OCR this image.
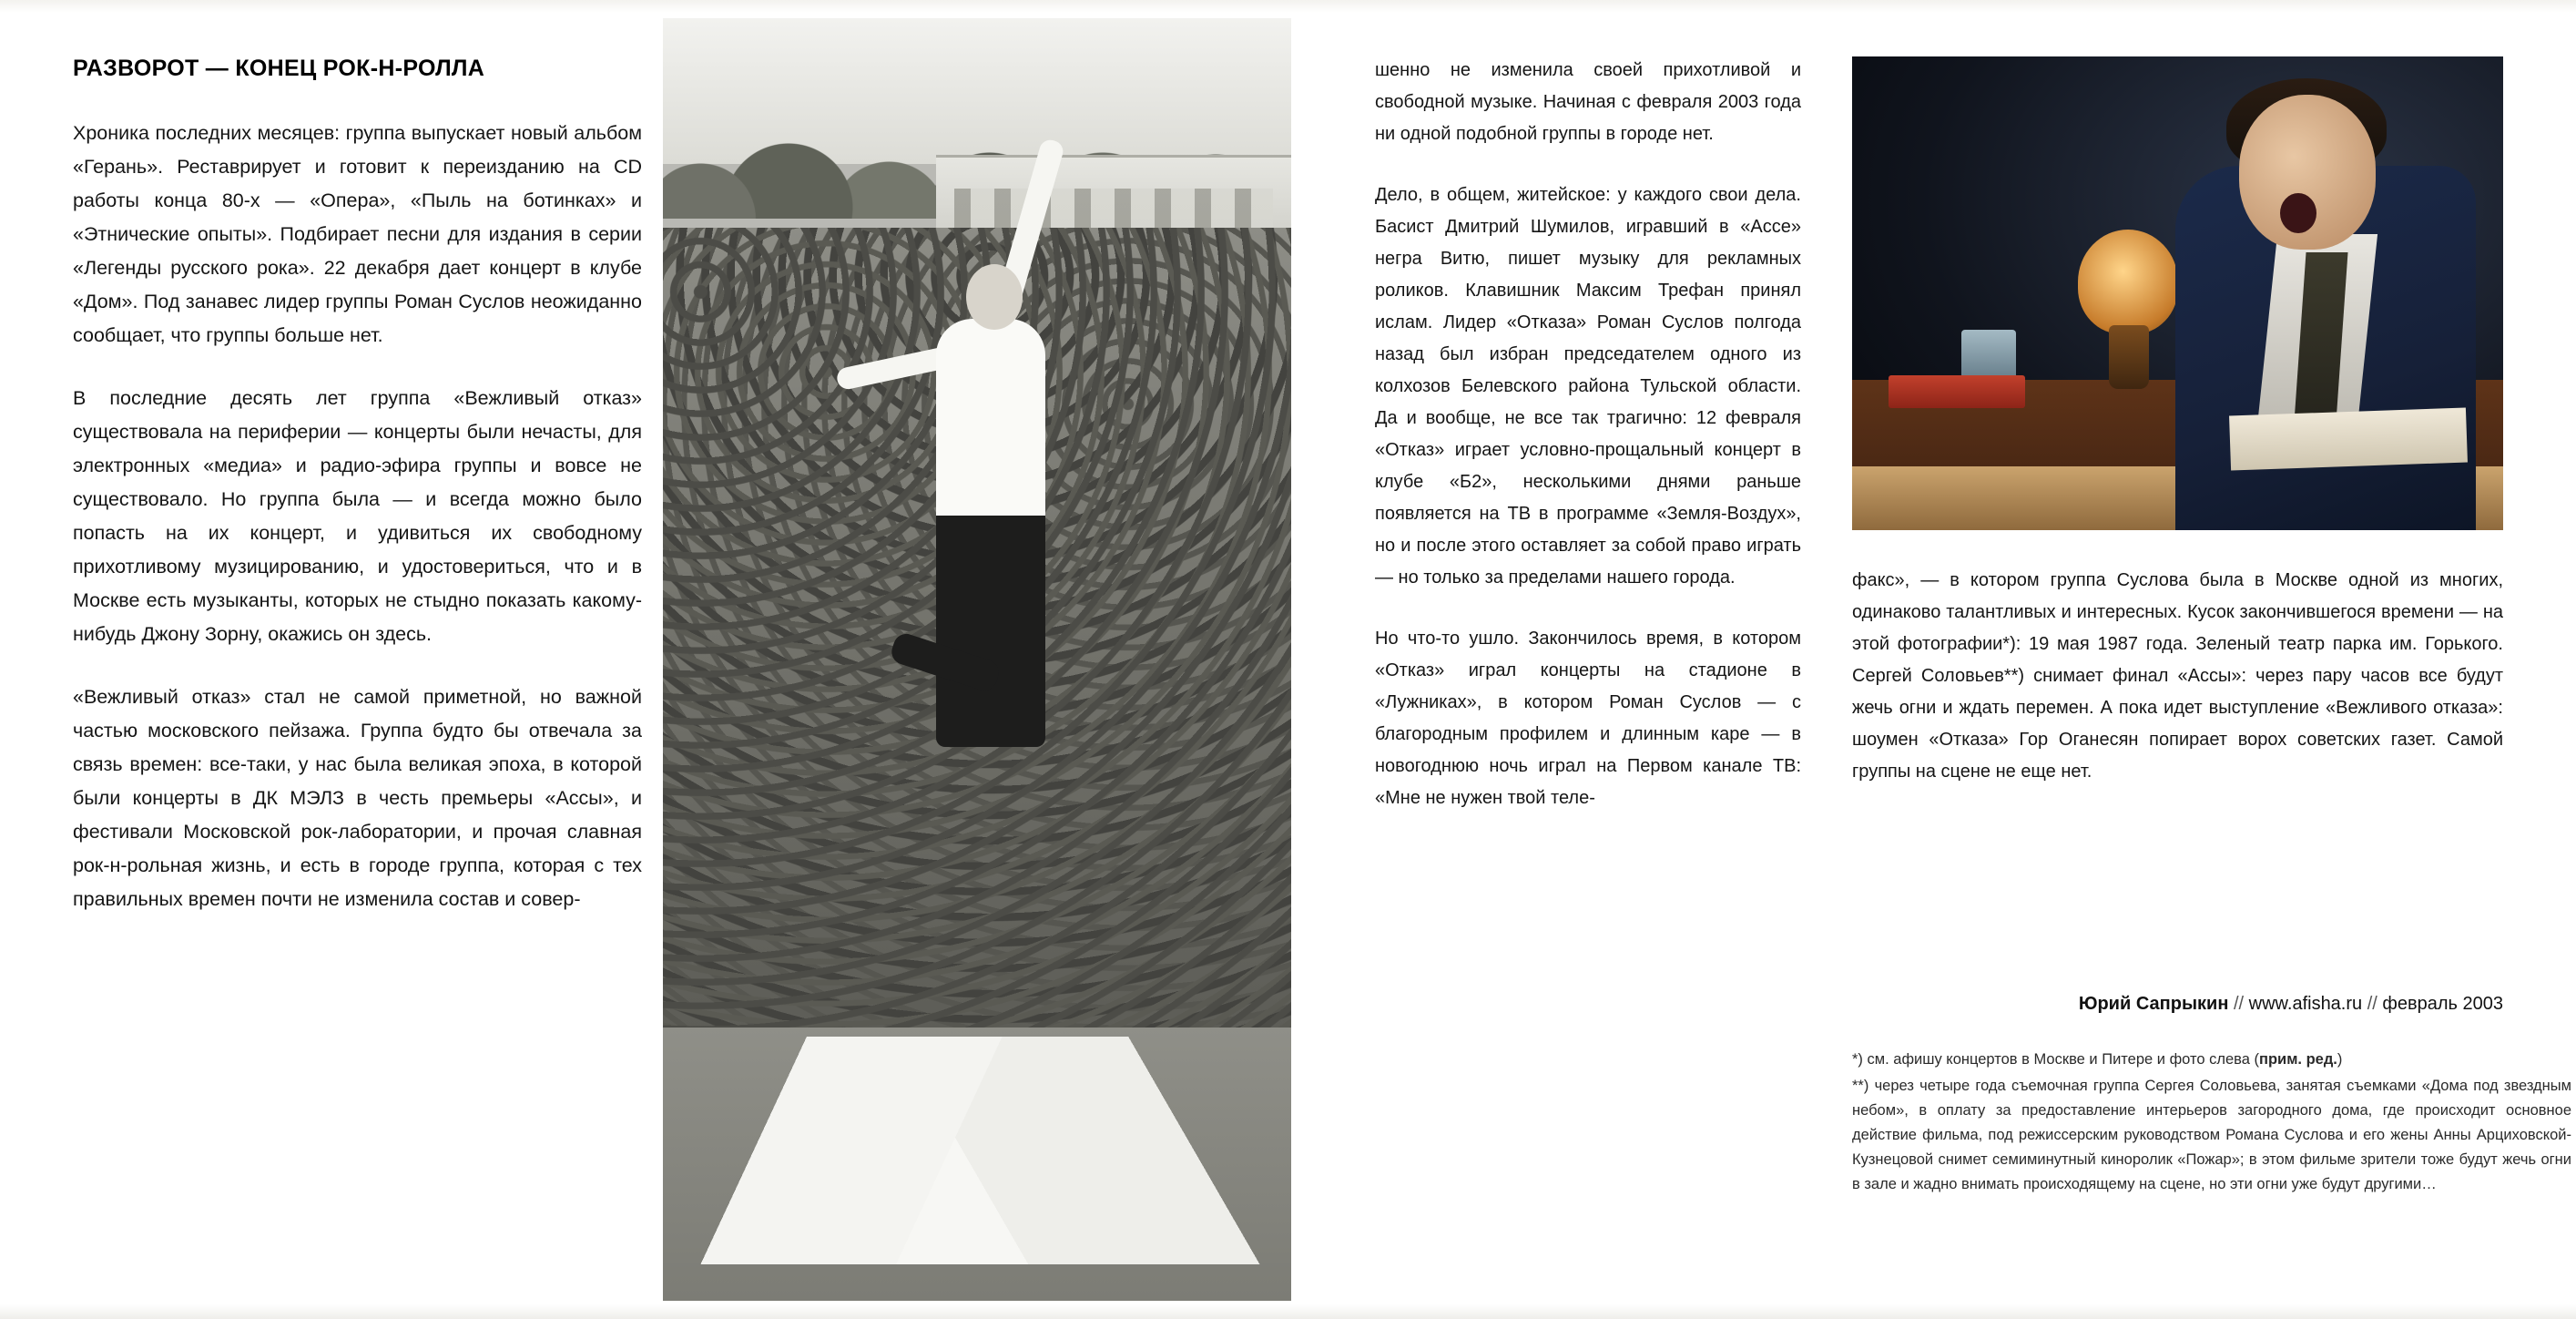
РАЗВОРОТ — КОНЕЦ РОК-Н-РОЛЛА

Хроника последних месяцев: группа выпускает новый альбом «Герань». Реставрирует и готовит к переизданию на CD работы конца 80-х — «Опера», «Пыль на ботинках» и «Этнические опыты». Подбирает песни для издания в серии «Легенды русского рока». 22 декабря дает концерт в клубе «Дом». Под занавес лидер группы Роман Суслов неожиданно сообщает, что группы больше нет.

В последние десять лет группа «Вежливый отказ» существовала на периферии — концерты были нечасты, для электронных «медиа» и радио-эфира группы и вовсе не существовало. Но группа была — и всегда можно было попасть на их концерт, и удивиться их свободному прихотливому музицированию, и удостовериться, что и в Москве есть музыканты, которых не стыдно показать какому-нибудь Джону Зорну, окажись он здесь.

«Вежливый отказ» стал не самой приметной, но важной частью московского пейзажа. Группа будто бы отвечала за связь времен: все-таки, у нас была великая эпоха, в которой были концерты в ДК МЭЛЗ в честь премьеры «Ассы», и фестивали Московской рок-лаборатории, и прочая славная рок-н-рольная жизнь, и есть в городе группа, которая с тех правильных времен почти не изменила состав и совер-

шенно не изменила своей прихотливой и свободной музыке. Начиная с февраля 2003 года ни одной подобной группы в городе нет.

Дело, в общем, житейское: у каждого свои дела. Басист Дмитрий Шумилов, игравший в «Ассе» негра Витю, пишет музыку для рекламных роликов. Клавишник Максим Трефан принял ислам. Лидер «Отказа» Роман Суслов полгода назад был избран председателем одного из колхозов Белевского района Тульской области. Да и вообще, не все так трагично: 12 февраля «Отказ» играет условно-прощальный концерт в клубе «Б2», несколькими днями раньше появляется на ТВ в программе «Земля-Воздух», но и после этого оставляет за собой право играть — но только за пределами нашего города.

Но что-то ушло. Закончилось время, в котором «Отказ» играл концерты на стадионе в «Лужниках», в котором Роман Суслов — с благородным профилем и длинным каре — в новогоднюю ночь играл на Первом канале ТВ: «Мне не нужен твой теле-

факс», — в котором группа Суслова была в Москве одной из многих, одинаково талантливых и интересных. Кусок закончившегося времени — на этой фотографии*): 19 мая 1987 года. Зеленый театр парка им. Горького. Сергей Соловьев**) снимает финал «Ассы»: через пару часов все будут жечь огни и ждать перемен. А пока идет выступление «Вежливого отказа»: шоумен «Отказа» Гор Оганесян попирает ворох советских газет. Самой группы на сцене не еще нет.

Юрий Сапрыкин // www.afisha.ru // февраль 2003

*) см. афишу концертов в Москве и Питере и фото слева (прим. ред.)

**) через четыре года съемочная группа Сергея Соловьева, занятая съемками «Дома под звездным небом», в оплату за предоставление интерьеров загородного дома, где происходит основное действие фильма, под режиссерским руководством Романа Суслова и его жены Анны Арциховской-Кузнецовой снимет семиминутный киноролик «Пожар»; в этом фильме зрители тоже будут жечь огни в зале и жадно внимать происходящему на сцене, но эти огни уже будут другими…
